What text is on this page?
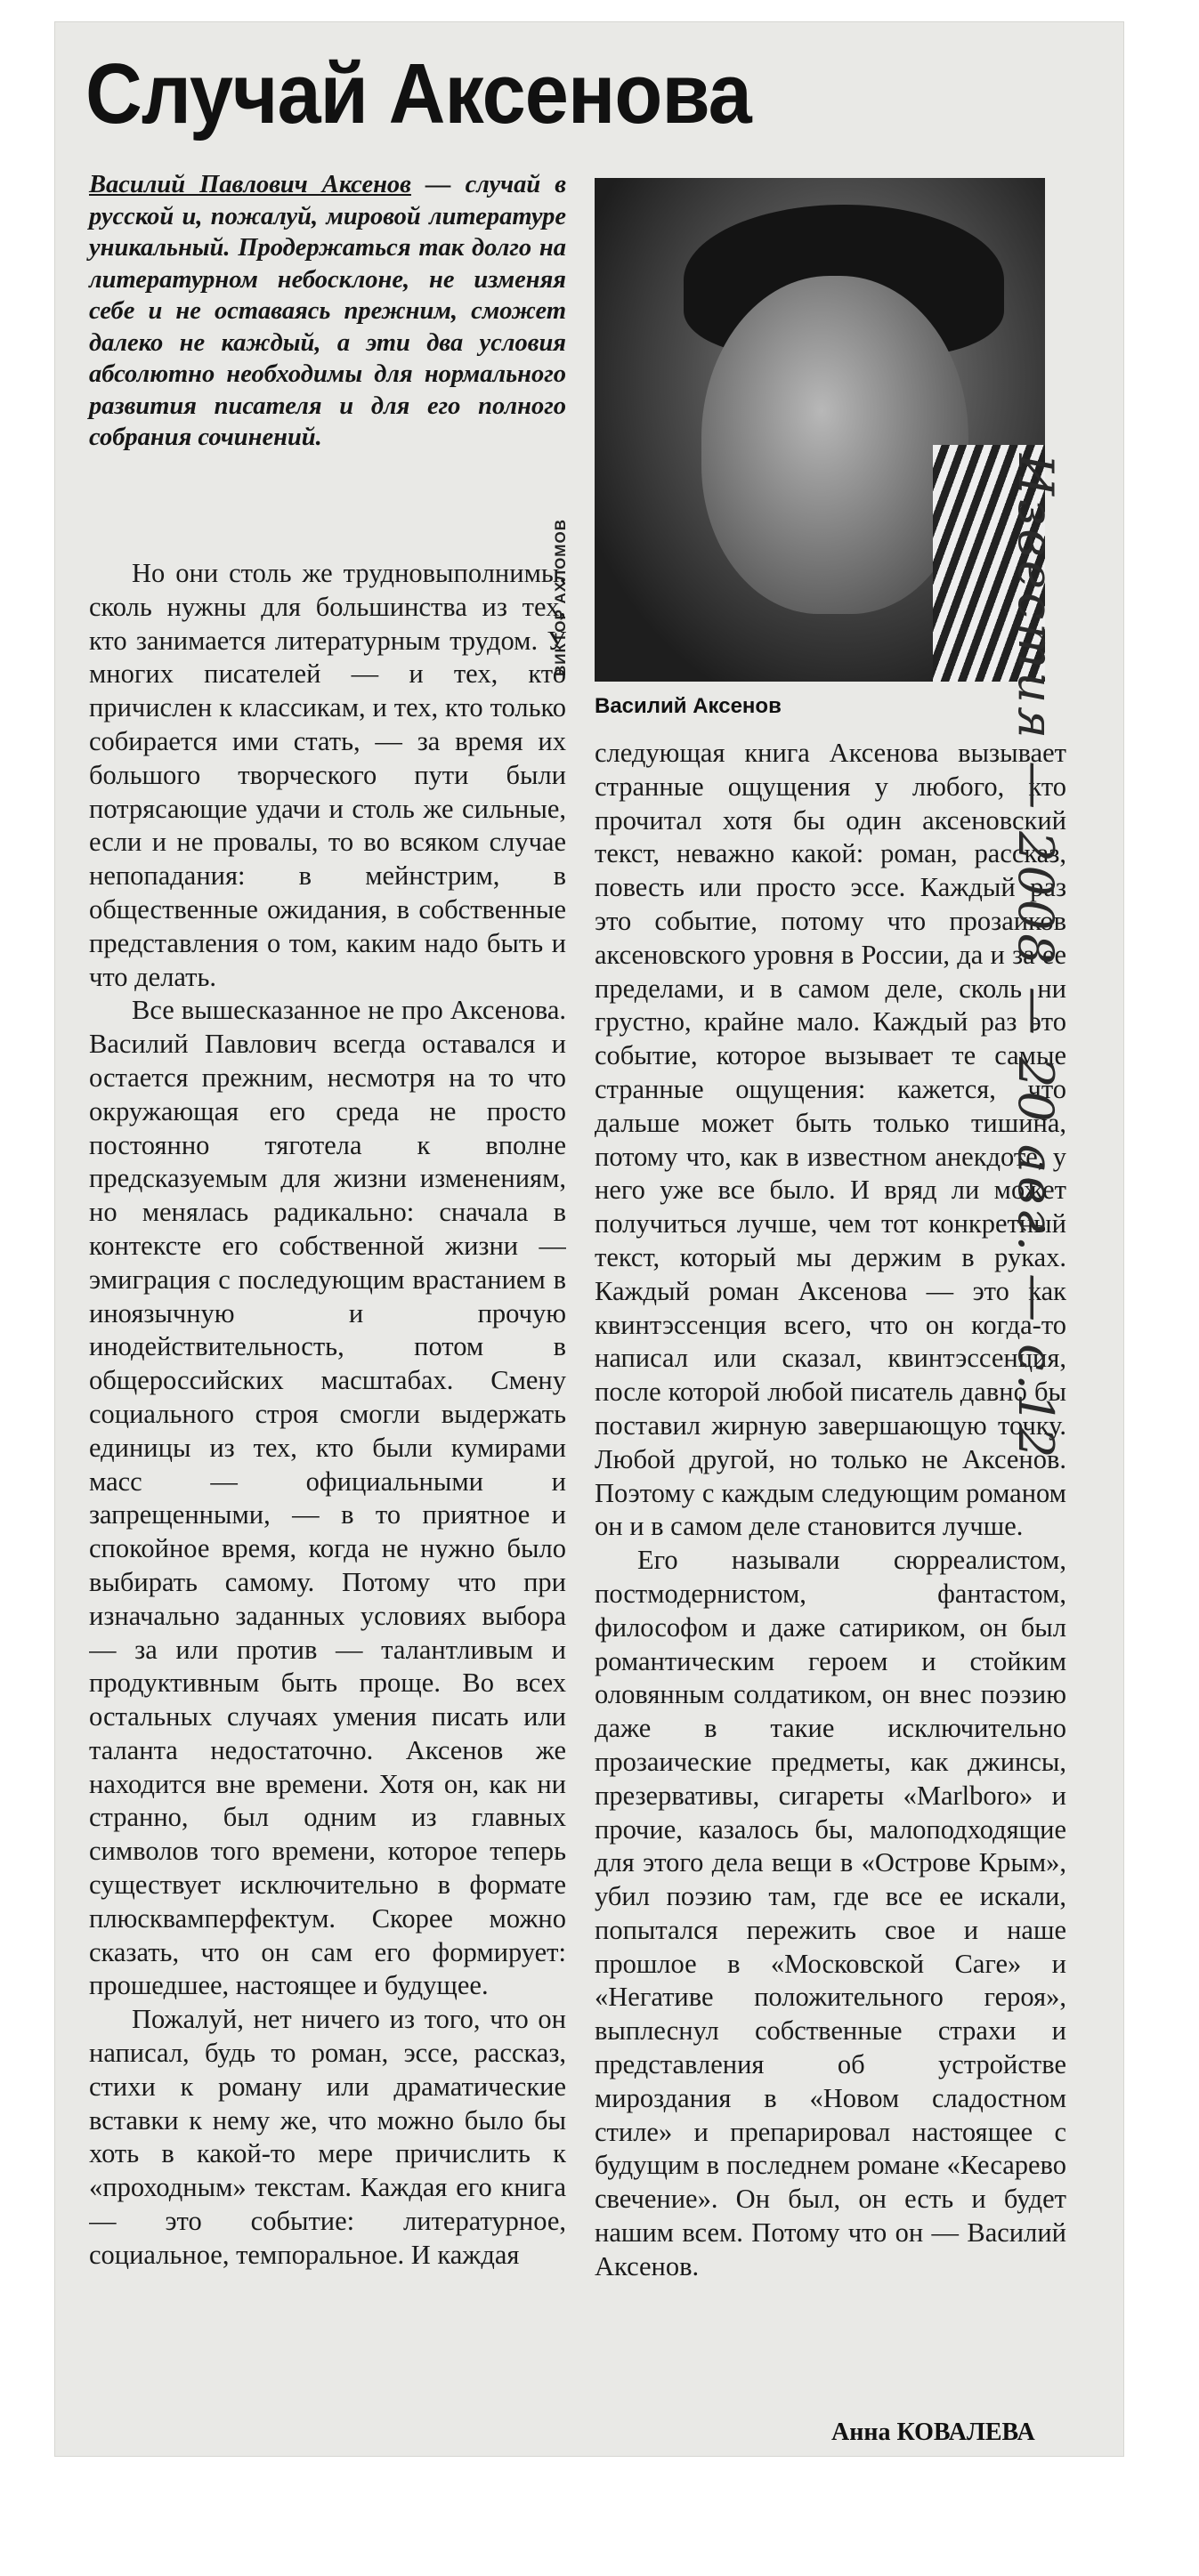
Случай Аксенова

Василий Павлович Аксенов — случай в русской и, пожалуй, мировой литературе уникальный. Продержаться так долго на литературном небосклоне, не изменяя себе и не оставаясь прежним, сможет далеко не каждый, а эти два условия абсолютно необходимы для нормального развития писателя и для его полного собрания сочинений.

ВИКТОР АХЛОМОВ

Василий Аксенов

Но они столь же трудновыполнимы, сколь нужны для большинства из тех, кто занимается литературным трудом. У многих писателей — и тех, кто причислен к классикам, и тех, кто только собирается ими стать, — за время их большого творческого пути были потрясающие удачи и столь же сильные, если и не провалы, то во всяком случае непопадания: в мейнстрим, в общественные ожидания, в собственные представления о том, каким надо быть и что делать.

Все вышесказанное не про Аксенова. Василий Павлович всегда оставался и остается прежним, несмотря на то что окружающая его среда не просто постоянно тяготела к вполне предсказуемым для жизни изменениям, но менялась радикально: сначала в контексте его собственной жизни — эмиграция с последующим врастанием в иноязычную и прочую инодействительность, потом в общероссийских масштабах. Смену социального строя смогли выдержать единицы из тех, кто были кумирами масс — официальными и запрещенными, — в то приятное и спокойное время, когда не нужно было выбирать самому. Потому что при изначально заданных условиях выбора — за или против — талантливым и продуктивным быть проще. Во всех остальных случаях умения писать или таланта недостаточно. Аксенов же находится вне времени. Хотя он, как ни странно, был одним из главных символов того времени, которое теперь существует исключительно в формате плюсквамперфектум. Скорее можно сказать, что он сам его формирует: прошедшее, настоящее и будущее.

Пожалуй, нет ничего из того, что он написал, будь то роман, эссе, рассказ, стихи к роману или драматические вставки к нему же, что можно было бы хоть в какой-то мере причислить к «проходным» текстам. Каждая его книга — это событие: литературное, социальное, темпоральное. И каждая

следующая книга Аксенова вызывает странные ощущения у любого, кто прочитал хотя бы один аксеновский текст, неважно какой: роман, рассказ, повесть или просто эссе. Каждый раз это событие, потому что прозаиков аксеновского уровня в России, да и за ее пределами, и в самом деле, сколь ни грустно, крайне мало. Каждый раз это событие, которое вызывает те самые странные ощущения: кажется, что дальше может быть только тишина, потому что, как в известном анекдоте, у него уже все было. И вряд ли может получиться лучше, чем тот конкретный текст, который мы держим в руках. Каждый роман Аксенова — это как квинтэссенция всего, что он когда-то написал или сказал, квинтэссенция, после которой любой писатель давно бы поставил жирную завершающую точку. Любой другой, но только не Аксенов. Поэтому с каждым следующим романом он и в самом деле становится лучше.

Его называли сюрреалистом, постмодернистом, фантастом, философом и даже сатириком, он был романтическим героем и стойким оловянным солдатиком, он внес поэзию даже в такие исключительно прозаические предметы, как джинсы, презервативы, сигареты «Marlboro» и прочие, казалось бы, малоподходящие для этого дела вещи в «Острове Крым», убил поэзию там, где все ее искали, попытался пережить свое и наше прошлое в «Московской Саге» и «Негативе положительного героя», выплеснул собственные страхи и представления об устройстве мироздания в «Новом сладостном стиле» и препарировал настоящее с будущим в последнем романе «Кесарево свечение». Он был, он есть и будет нашим всем. Потому что он — Василий Аксенов.

Анна КОВАЛЕВА

Известия — 2008 — 20 авг. — с.12
